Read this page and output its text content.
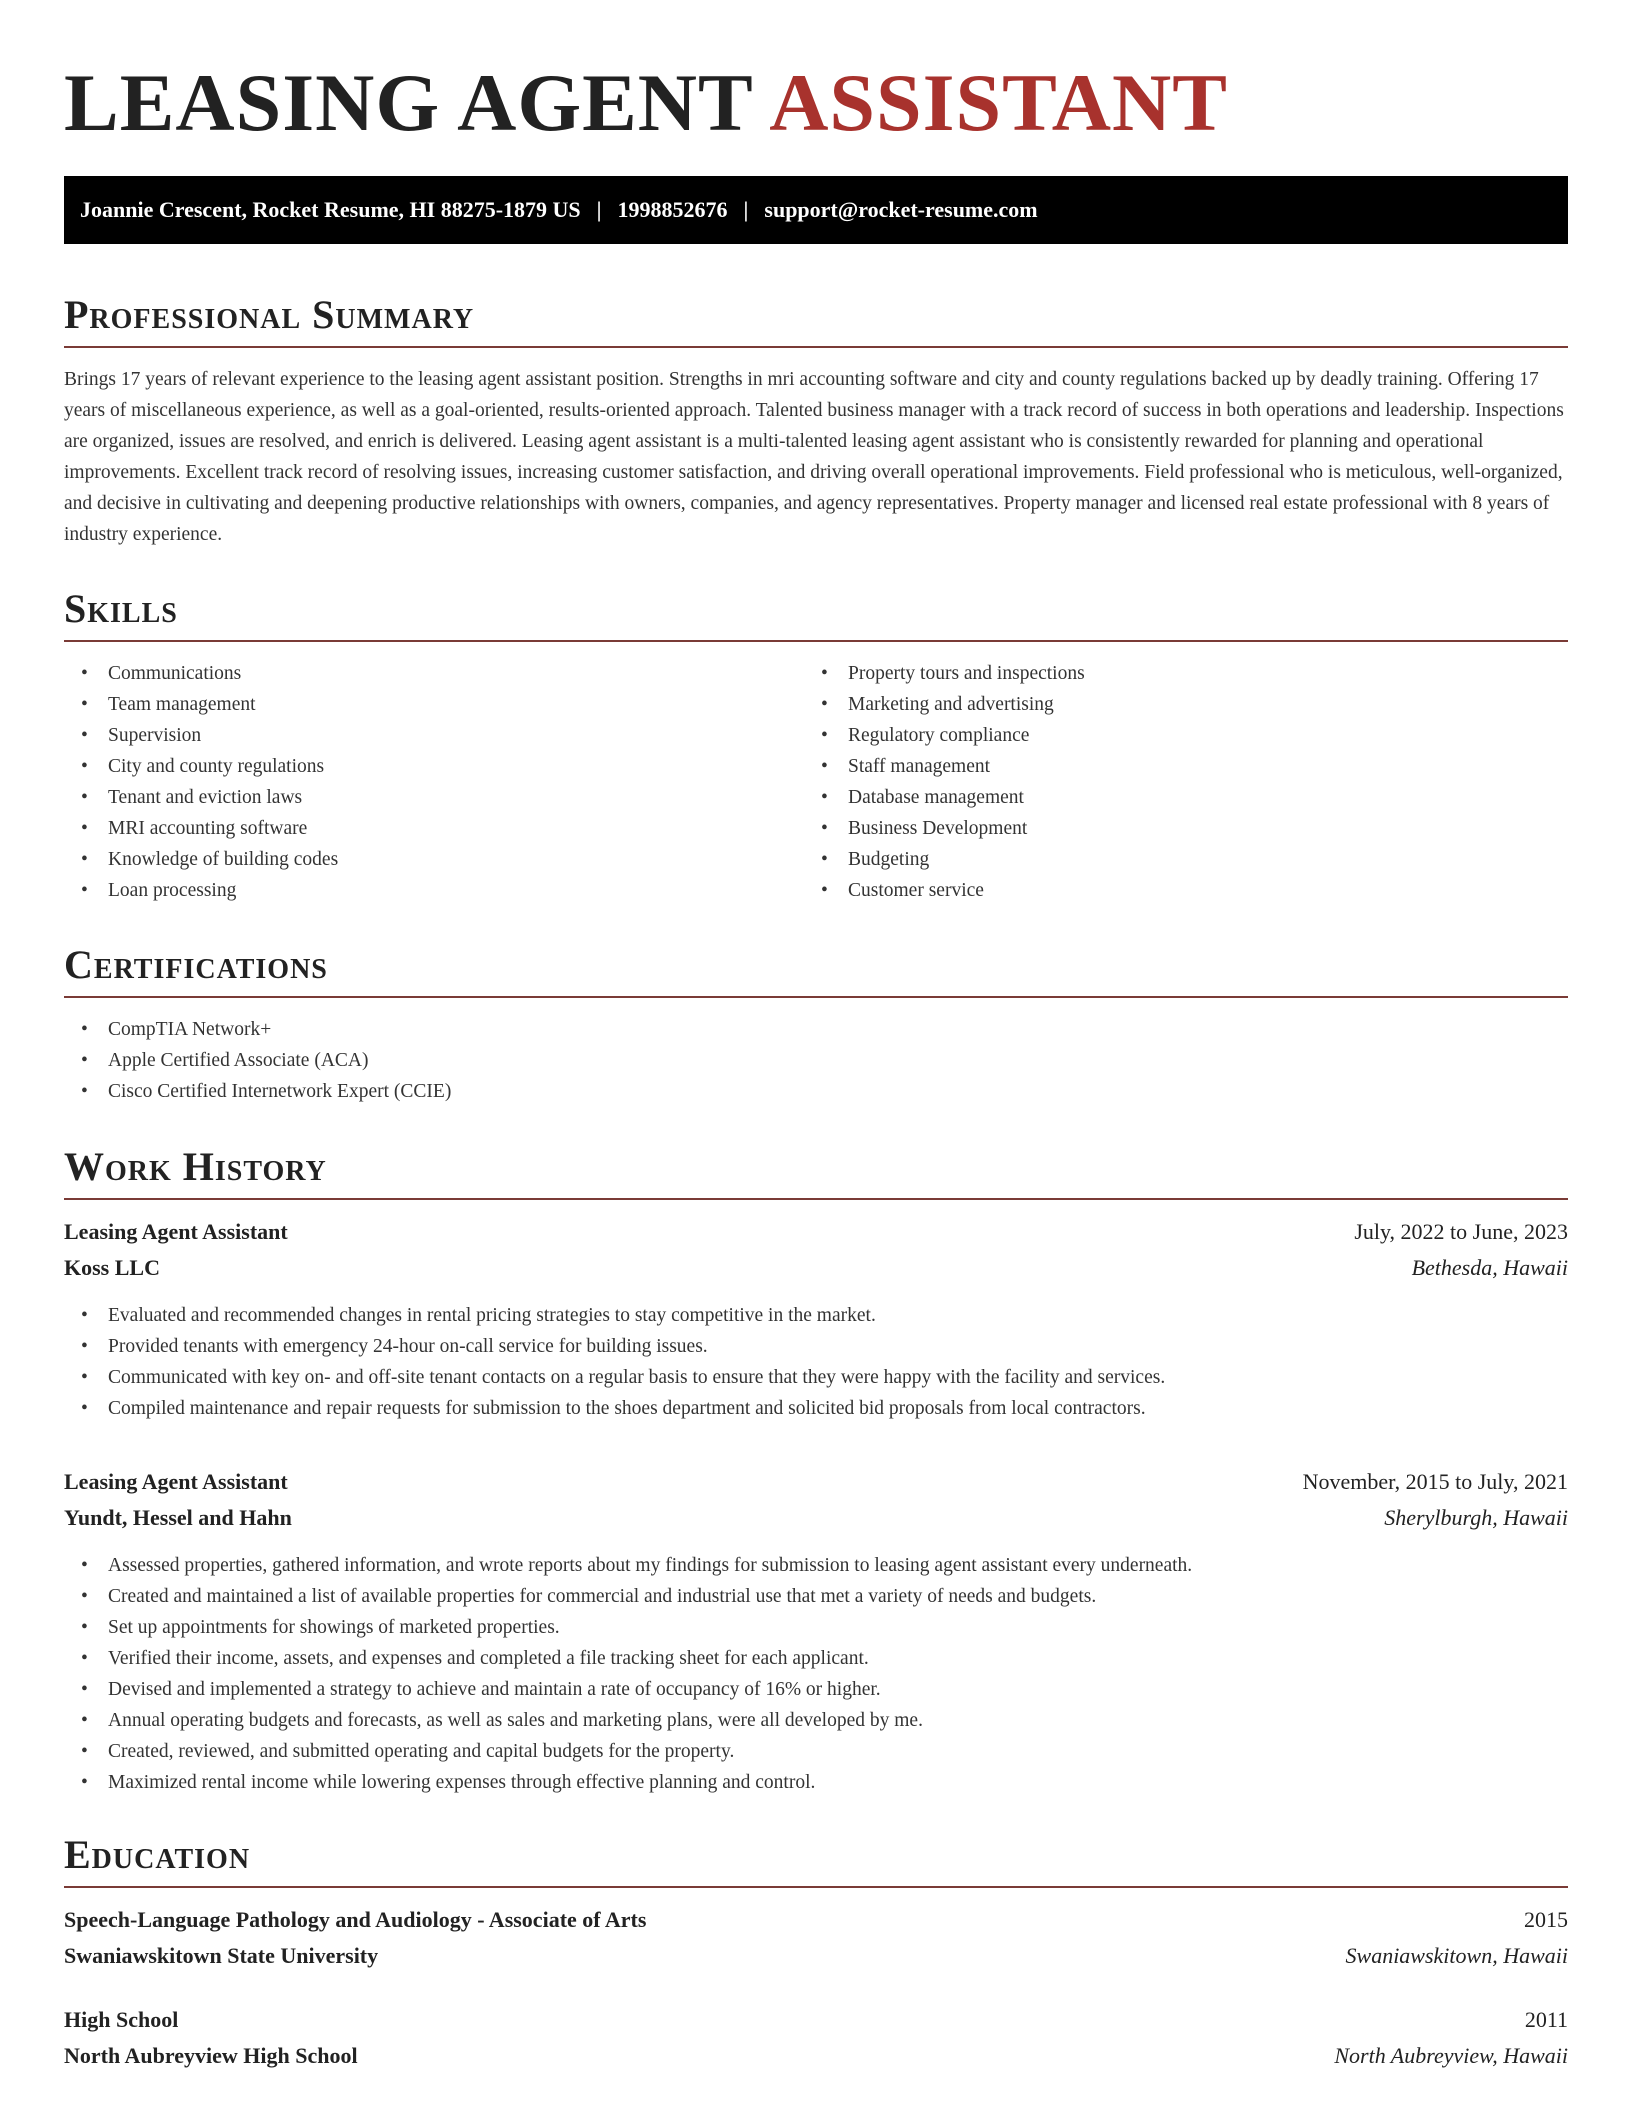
LEASING AGENT ASSISTANT
Joannie Crescent, Rocket Resume, HI 88275-1879 US | 1998852676 | support@rocket-resume.com
Professional Summary

Brings 17 years of relevant experience to the leasing agent assistant position. Strengths in mri accounting software and city and county regulations backed up by deadly training. Offering 17 years of miscellaneous experience, as well as a goal-oriented, results-oriented approach. Talented business manager with a track record of success in both operations and leadership. Inspections are organized, issues are resolved, and enrich is delivered. Leasing agent assistant is a multi-talented leasing agent assistant who is consistently rewarded for planning and operational improvements. Excellent track record of resolving issues, increasing customer satisfaction, and driving overall operational improvements. Field professional who is meticulous, well-organized, and decisive in cultivating and deepening productive relationships with owners, companies, and agency representatives. Property manager and licensed real estate professional with 8 years of industry experience.

Skills
• Communications
• Team management
• Supervision
• City and county regulations
• Tenant and eviction laws
• MRI accounting software
• Knowledge of building codes
• Loan processing
• Property tours and inspections
• Marketing and advertising
• Regulatory compliance
• Staff management
• Database management
• Business Development
• Budgeting
• Customer service
Certifications
• CompTIA Network+
• Apple Certified Associate (ACA)
• Cisco Certified Internetwork Expert (CCIE)
Work History
Leasing Agent Assistant	July, 2022 to June, 2023
Koss LLC	Bethesda, Hawaii
• Evaluated and recommended changes in rental pricing strategies to stay competitive in the market.
• Provided tenants with emergency 24-hour on-call service for building issues.
• Communicated with key on- and off-site tenant contacts on a regular basis to ensure that they were happy with the facility and services.
• Compiled maintenance and repair requests for submission to the shoes department and solicited bid proposals from local contractors.
Leasing Agent Assistant	November, 2015 to July, 2021
Yundt, Hessel and Hahn	Sherylburgh, Hawaii
• Assessed properties, gathered information, and wrote reports about my findings for submission to leasing agent assistant every underneath.
• Created and maintained a list of available properties for commercial and industrial use that met a variety of needs and budgets.
• Set up appointments for showings of marketed properties.
• Verified their income, assets, and expenses and completed a file tracking sheet for each applicant.
• Devised and implemented a strategy to achieve and maintain a rate of occupancy of 16% or higher.
• Annual operating budgets and forecasts, as well as sales and marketing plans, were all developed by me.
• Created, reviewed, and submitted operating and capital budgets for the property.
• Maximized rental income while lowering expenses through effective planning and control.
Education
Speech-Language Pathology and Audiology - Associate of Arts	2015
Swaniawskitown State University	Swaniawskitown, Hawaii
High School	2011
North Aubreyview High School	North Aubreyview, Hawaii
